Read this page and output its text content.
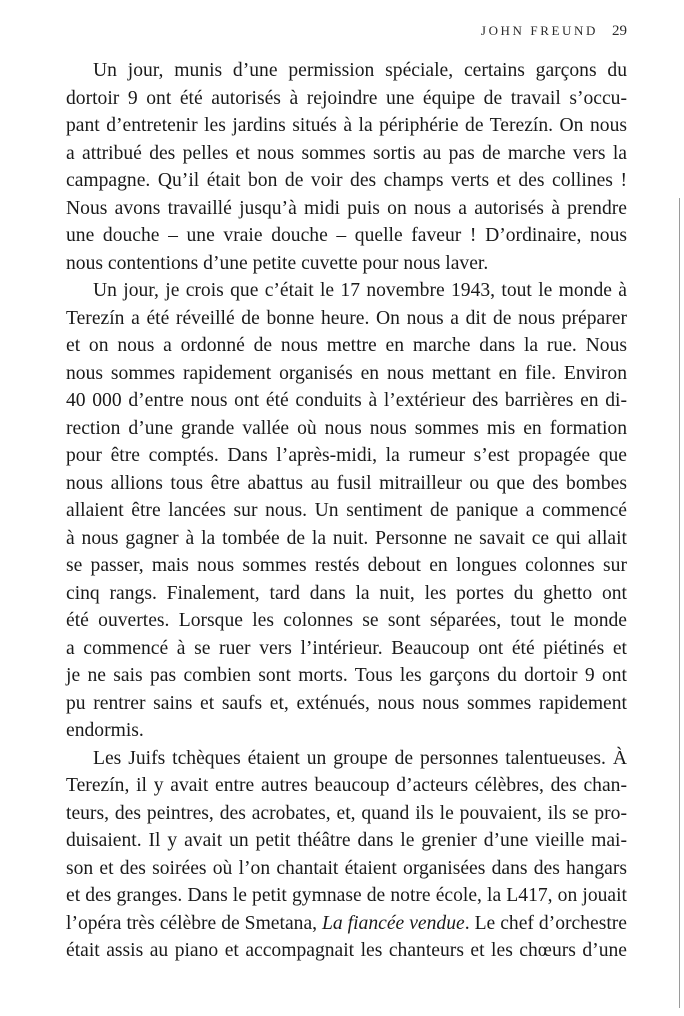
JOHN FREUND 29

Un jour, munis d’une permission spéciale, certains garçons du
dortoir 9 ont été autorisés à rejoindre une équipe de travail s’occu-
pant d’entretenir les jardins situés à la périphérie de Terezín. On nous
a attribué des pelles et nous sommes sortis au pas de marche vers la
campagne. Qu’il était bon de voir des champs verts et des collines !
Nous avons travaillé jusqu’à midi puis on nous a autorisés à prendre
une douche – une vraie douche – quelle faveur ! D’ordinaire, nous
nous contentions d’une petite cuvette pour nous laver.

Un jour, je crois que c’était le 17 novembre 1943, tout le monde à
Terezín a été réveillé de bonne heure. On nous a dit de nous préparer
et on nous a ordonné de nous mettre en marche dans la rue. Nous
nous sommes rapidement organisés en nous mettant en file. Environ
40 000 d’entre nous ont été conduits à l’extérieur des barrières en di-
rection d’une grande vallée où nous nous sommes mis en formation
pour être comptés. Dans l’après-midi, la rumeur s’est propagée que
nous allions tous être abattus au fusil mitrailleur ou que des bombes
allaient être lancées sur nous. Un sentiment de panique a commencé
à nous gagner à la tombée de la nuit. Personne ne savait ce qui allait
se passer, mais nous sommes restés debout en longues colonnes sur
cinq rangs. Finalement, tard dans la nuit, les portes du ghetto ont
été ouvertes. Lorsque les colonnes se sont séparées, tout le monde
a commencé à se ruer vers l’intérieur. Beaucoup ont été piétinés et
je ne sais pas combien sont morts. Tous les garçons du dortoir 9 ont
pu rentrer sains et saufs et, exténués, nous nous sommes rapidement
endormis.

Les Juifs tchèques étaient un groupe de personnes talentueuses. À
Terezín, il y avait entre autres beaucoup d’acteurs célèbres, des chan-
teurs, des peintres, des acrobates, et, quand ils le pouvaient, ils se pro-
duisaient. Il y avait un petit théâtre dans le grenier d’une vieille mai-
son et des soirées où l’on chantait étaient organisées dans des hangars
et des granges. Dans le petit gymnase de notre école, la L417, on jouait
l’opéra très célèbre de Smetana, La fiancée vendue. Le chef d’orchestre
était assis au piano et accompagnait les chanteurs et les chœurs d’une
